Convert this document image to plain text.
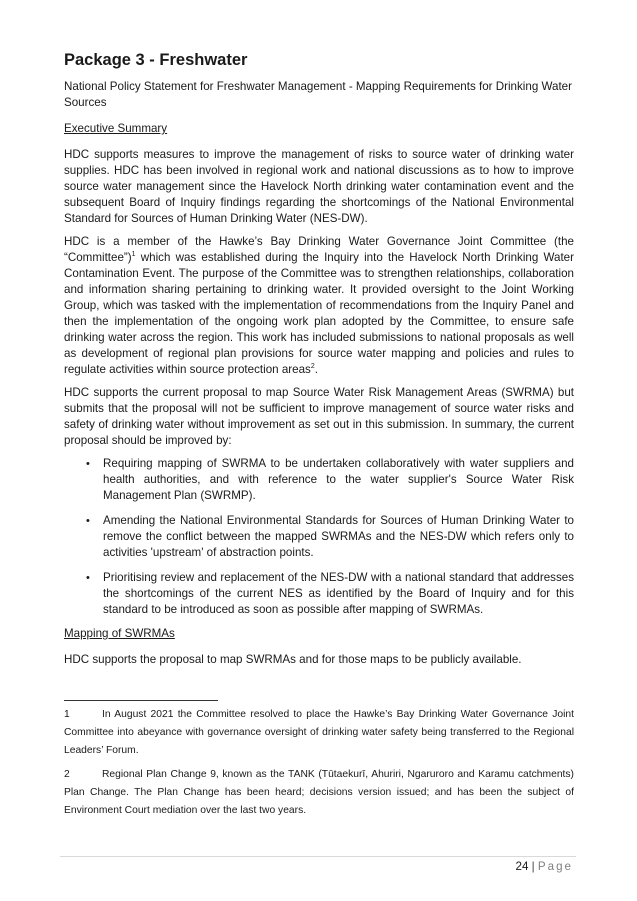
Package 3 - Freshwater

National Policy Statement for Freshwater Management - Mapping Requirements for Drinking Water Sources

Executive Summary

HDC supports measures to improve the management of risks to source water of drinking water supplies. HDC has been involved in regional work and national discussions as to how to improve source water management since the Havelock North drinking water contamination event and the subsequent Board of Inquiry findings regarding the shortcomings of the National Environmental Standard for Sources of Human Drinking Water (NES-DW).

HDC is a member of the Hawke’s Bay Drinking Water Governance Joint Committee (the “Committee”)$^1$ which was established during the Inquiry into the Havelock North Drinking Water Contamination Event. The purpose of the Committee was to strengthen relationships, collaboration and information sharing pertaining to drinking water. It provided oversight to the Joint Working Group, which was tasked with the implementation of recommendations from the Inquiry Panel and then the implementation of the ongoing work plan adopted by the Committee, to ensure safe drinking water across the region. This work has included submissions to national proposals as well as development of regional plan provisions for source water mapping and policies and rules to regulate activities within source protection areas$^2$.

HDC supports the current proposal to map Source Water Risk Management Areas (SWRMA) but submits that the proposal will not be sufficient to improve management of source water risks and safety of drinking water without improvement as set out in this submission. In summary, the current proposal should be improved by:

• Requiring mapping of SWRMA to be undertaken collaboratively with water suppliers and health authorities, and with reference to the water supplier's Source Water Risk Management Plan (SWRMP).

• Amending the National Environmental Standards for Sources of Human Drinking Water to remove the conflict between the mapped SWRMAs and the NES-DW which refers only to activities 'upstream' of abstraction points.

• Prioritising review and replacement of the NES-DW with a national standard that addresses the shortcomings of the current NES as identified by the Board of Inquiry and for this standard to be introduced as soon as possible after mapping of SWRMAs.

Mapping of SWRMAs

HDC supports the proposal to map SWRMAs and for those maps to be publicly available.

1	In August 2021 the Committee resolved to place the Hawke’s Bay Drinking Water Governance Joint Committee into abeyance with governance oversight of drinking water safety being transferred to the Regional Leaders’ Forum.

2	Regional Plan Change 9, known as the TANK (Tūtaekurī, Ahuriri, Ngaruroro and Karamu catchments) Plan Change. The Plan Change has been heard; decisions version issued; and has been the subject of Environment Court mediation over the last two years.

24 | Page
